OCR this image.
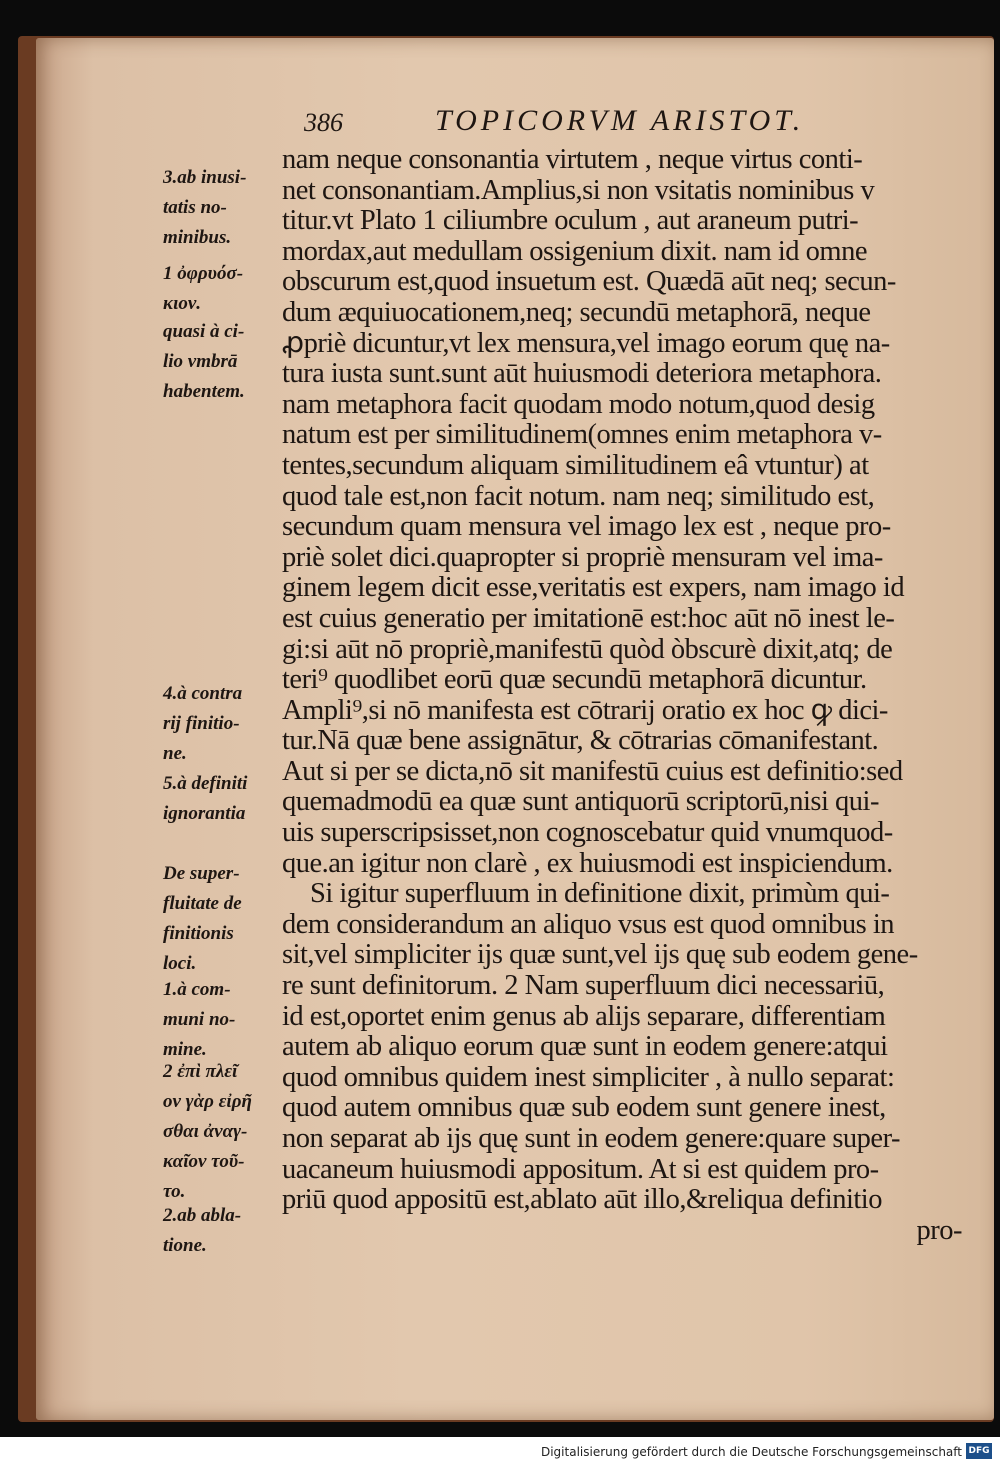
386	TOPICORVM ARISTOT.
3.ab inusi-
tatis no-
minibus.
1 ὀφρυόσ-
κιον.
quasi à ci-
lio vmbrā
habentem.
4.à contra
rij finitio-
ne.
5.à definiti
ignorantia
De super-
fluitate de
finitionis
loci.
1.à com-
muni no-
mine.
2 ἐπὶ πλεῖ
ον γὰρ εἰρῆ
σθαι ἀναγ-
καῖον τοῦ-
το.
2.ab abla-
tione.
nam neque consonantia virtutem , neque virtus conti-
net consonantiam.Amplius,si non vsitatis nominibus v
titur.vt Plato 1 ciliumbre oculum , aut araneum putri-
mordax,aut medullam ossigenium dixit. nam id omne
obscurum est,quod insuetum est. Quædā aūt neq; secun-
dum æquiuocationem,neq; secundū metaphorā, neque
ꝓpriè dicuntur,vt lex mensura,vel imago eorum quę na-
tura iusta sunt.sunt aūt huiusmodi deteriora metaphora.
nam metaphora facit quodam modo notum,quod desig
natum est per similitudinem(omnes enim metaphora v-
tentes,secundum aliquam similitudinem eâ vtuntur) at
quod tale est,non facit notum. nam neq; similitudo est,
secundum quam mensura vel imago lex est , neque pro-
priè solet dici.quapropter si propriè mensuram vel ima-
ginem legem dicit esse,veritatis est expers, nam imago id
est cuius generatio per imitationē est:hoc aūt nō inest le-
gi:si aūt nō propriè,manifestū quòd òbscurè dixit,atq; de
teri⁹ quodlibet eorū quæ secundū metaphorā dicuntur.
Ampli⁹,si nō manifesta est cōtrarij oratio ex hoc ꝙ dici-
tur.Nā quæ bene assignātur, & cōtrarias cōmanifestant.
Aut si per se dicta,nō sit manifestū cuius est definitio:sed
quemadmodū ea quæ sunt antiquorū scriptorū,nisi qui-
uis superscripsisset,non cognoscebatur quid vnumquod-
que.an igitur non clarè , ex huiusmodi est inspiciendum.
Si igitur superfluum in definitione dixit, primùm qui-
dem considerandum an aliquo vsus est quod omnibus in
sit,vel simpliciter ijs quæ sunt,vel ijs quę sub eodem gene-
re sunt definitorum. 2 Nam superfluum dici necessariū,
id est,oportet enim genus ab alijs separare, differentiam
autem ab aliquo eorum quæ sunt in eodem genere:atqui
quod omnibus quidem inest simpliciter , à nullo separat:
quod autem omnibus quæ sub eodem sunt genere inest,
non separat ab ijs quę sunt in eodem genere:quare super-
uacaneum huiusmodi appositum. At si est quidem pro-
priū quod appositū est,ablato aūt illo,&reliqua definitio
pro-
Digitalisierung gefördert durch die Deutsche Forschungsgemeinschaft DFG
